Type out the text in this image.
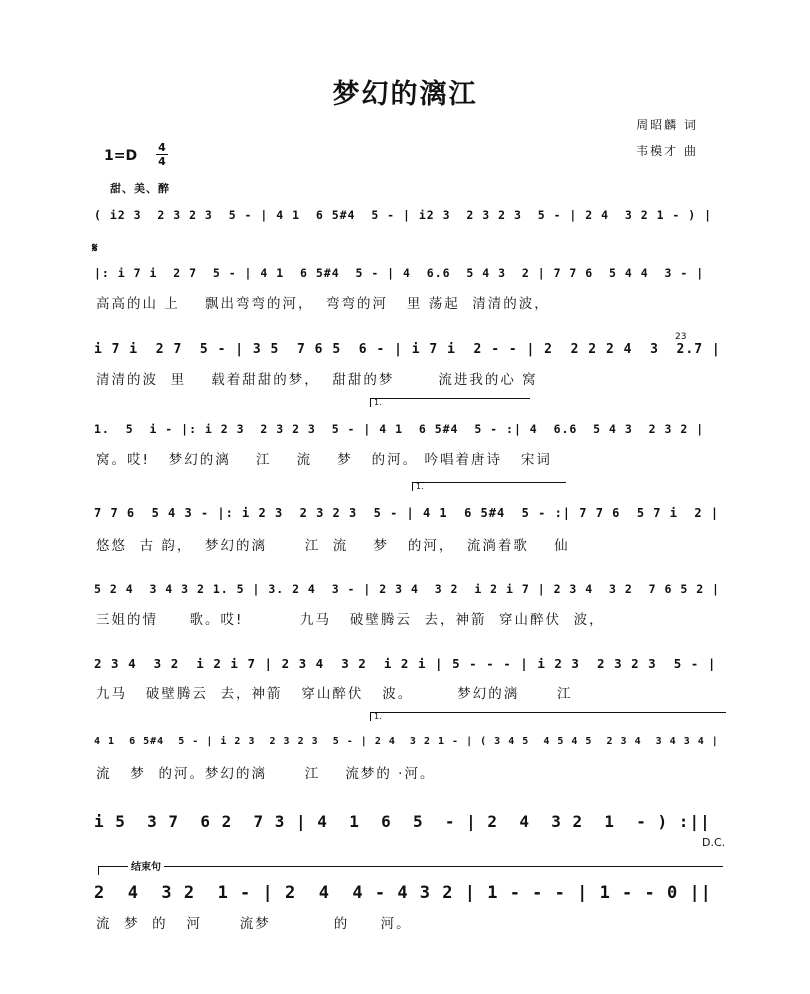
梦幻的漓江
周昭麟 词
韦模才 曲
1=D
4
4
甜、美、醉
𝄋
23
( i2 3  2 3 2 3  5 - | 4 1  6 5#4  5 - | i2 3  2 3 2 3  5 - | 2 4  3 2 1 - ) |
|: i 7 i  2 7  5 - | 4 1  6 5#4  5 - | 4  6.6  5 4 3  2 | 7 7 6  5 4 4  3 - |
高高的山 上    飘出弯弯的河，  弯弯的河   里 荡起  清清的波，
i 7 i  2 7  5 - | 3 5  7 6 5  6 - | i 7 i  2 - - | 2  2 2 2 4  3  2.7 |
清清的波  里    载着甜甜的梦，  甜甜的梦       流进我的心 窝
1.
1.  5  i - |: i 2 3  2 3 2 3  5 - | 4 1  6 5#4  5 - :| 4  6.6  5 4 3  2 3 2 |
窝。哎!   梦幻的漓    江    流    梦   的河。 吟唱着唐诗   宋词
1.
7 7 6  5 4 3 - |: i 2 3  2 3 2 3  5 - | 4 1  6 5#4  5 - :| 7 7 6  5 7 i  2 |
悠悠  古 韵，  梦幻的漓      江  流    梦   的河，  流淌着歌    仙
5 2 4  3 4 3 2 1. 5 | 3. 2 4  3 - | 2 3 4  3 2  i 2 i 7 | 2 3 4  3 2  7 6 5 2 |
三姐的情     歌。哎!         九马   破壁腾云  去，神箭  穿山醉伏  波，
2 3 4  3 2  i 2 i 7 | 2 3 4  3 2  i 2 i | 5 - - - | i 2 3  2 3 2 3  5 - |
九马   破壁腾云  去，神箭   穿山醉伏   波。       梦幻的漓      江
1.
4 1  6 5#4  5 - | i 2 3  2 3 2 3  5 - | 2 4  3 2 1 - | ( 3 4 5  4 5 4 5  2 3 4  3 4 3 4 |
流   梦  的河。梦幻的漓      江    流梦的 ·河。
i 5  3 7  6 2  7 3 | 4  1  6  5  - | 2  4  3 2  1  - ) :||
D.C.
结束句
2  4  3 2  1 - | 2  4  4 - 4 3 2 | 1 - - - | 1 - - 0 ||
流  梦  的   河      流梦          的     河。
